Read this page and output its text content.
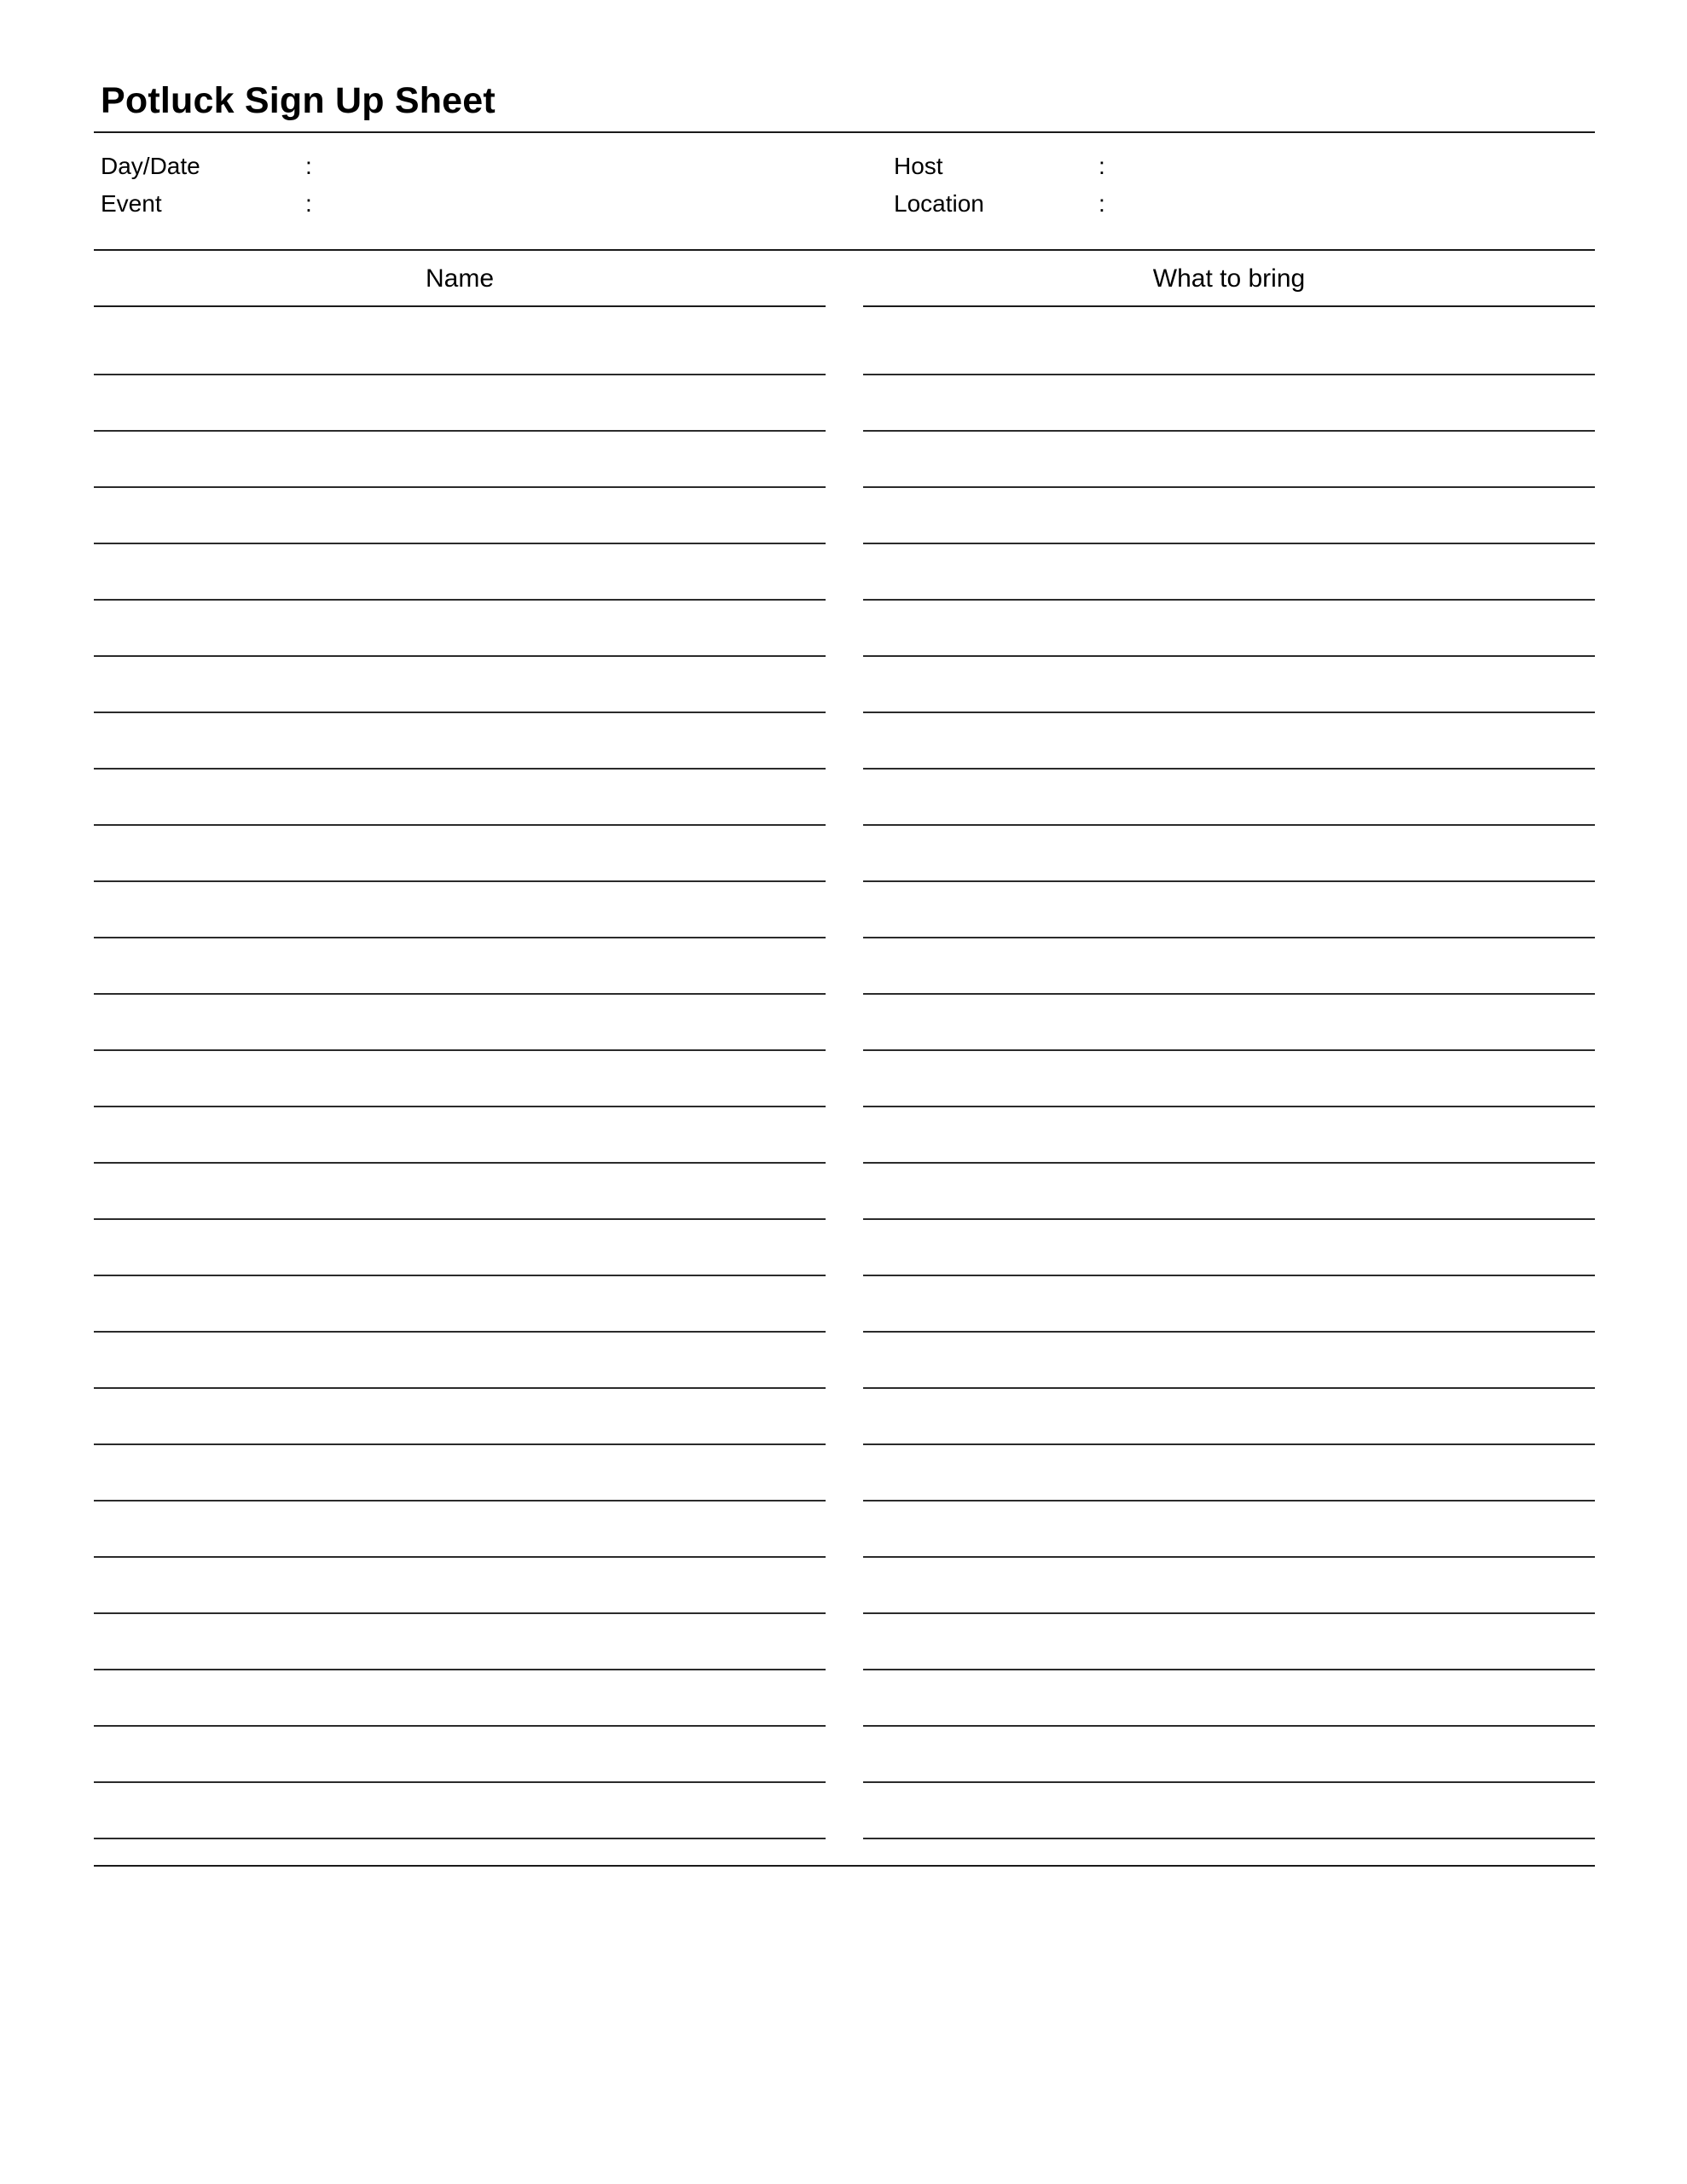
Potluck Sign Up Sheet
Day/Date	:
Event	:
Host	:
Location	:
Name	What to bring
